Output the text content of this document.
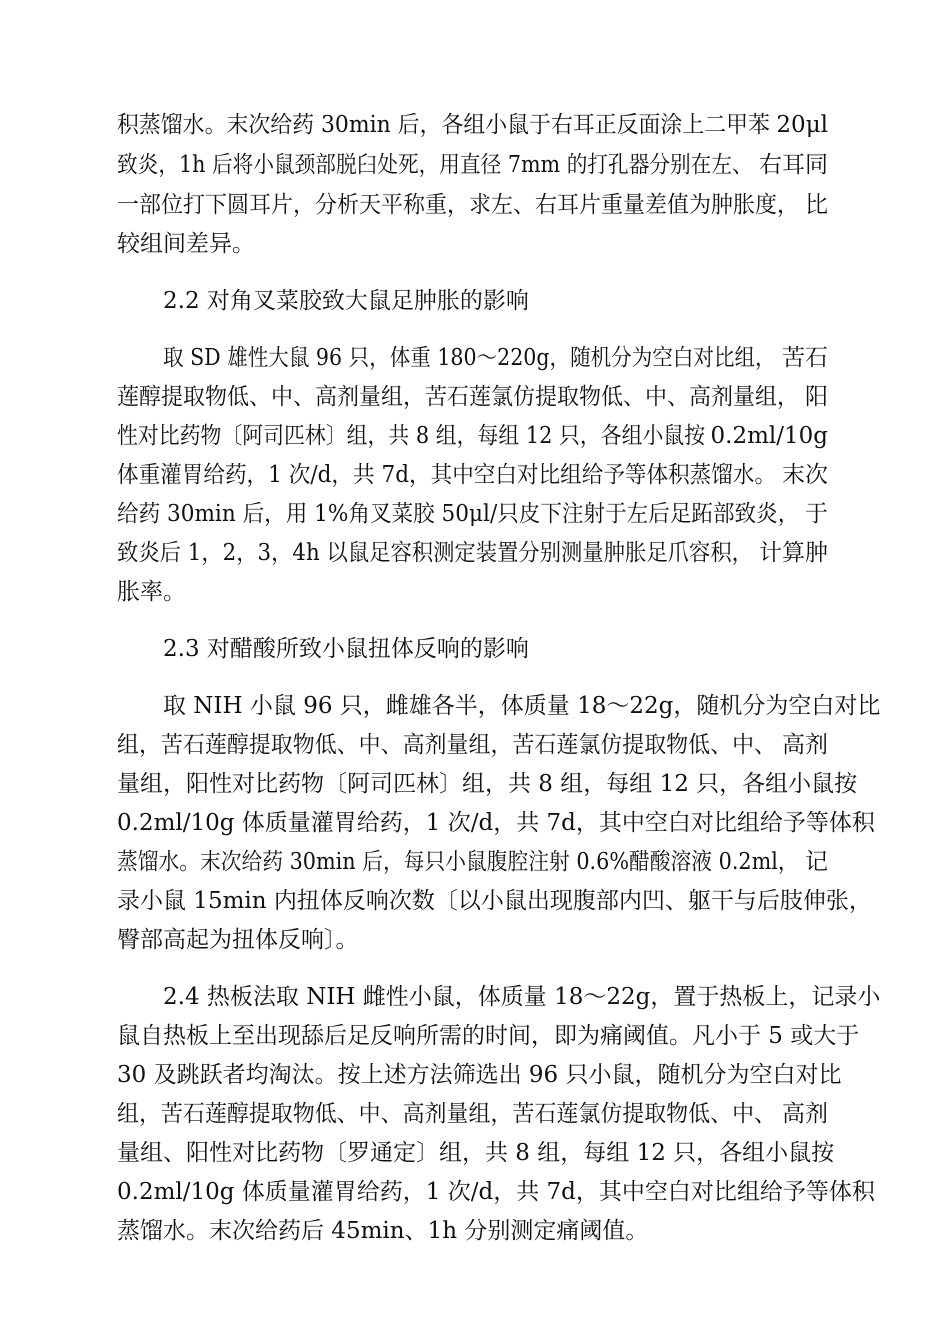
积蒸馏水。末次给药 30min 后，各组小鼠于右耳正反面涂上二甲苯 20μl
致炎，1h 后将小鼠颈部脱臼处死，用直径 7mm 的打孔器分别在左、 右耳同
一部位打下圆耳片，分析天平称重，求左、右耳片重量差值为肿胀度， 比
较组间差异。
2.2 对角叉菜胶致大鼠足肿胀的影响
取 SD 雄性大鼠 96 只，体重 180～220g，随机分为空白对比组， 苦石
莲醇提取物低、中、高剂量组，苦石莲氯仿提取物低、中、高剂量组， 阳
性对比药物〔阿司匹林〕组，共 8 组，每组 12 只，各组小鼠按 0.2ml/10g
体重灌胃给药，1 次/d，共 7d，其中空白对比组给予等体积蒸馏水。 末次
给药 30min 后，用 1%角叉菜胶 50μl/只皮下注射于左后足跖部致炎， 于
致炎后 1，2，3，4h 以鼠足容积测定装置分别测量肿胀足爪容积， 计算肿
胀率。
2.3 对醋酸所致小鼠扭体反响的影响
取 NIH 小鼠 96 只，雌雄各半，体质量 18～22g，随机分为空白对比
组，苦石莲醇提取物低、中、高剂量组，苦石莲氯仿提取物低、中、 高剂
量组，阳性对比药物〔阿司匹林〕组，共 8 组，每组 12 只，各组小鼠按
0.2ml/10g 体质量灌胃给药，1 次/d，共 7d，其中空白对比组给予等体积
蒸馏水。末次给药 30min 后，每只小鼠腹腔注射 0.6%醋酸溶液 0.2ml， 记
录小鼠 15min 内扭体反响次数〔以小鼠出现腹部内凹、躯干与后肢伸张，
臀部高起为扭体反响〕。
2.4 热板法取 NIH 雌性小鼠，体质量 18～22g，置于热板上，记录小
鼠自热板上至出现舔后足反响所需的时间，即为痛阈值。凡小于 5 或大于
30 及跳跃者均淘汰。按上述方法筛选出 96 只小鼠，随机分为空白对比
组，苦石莲醇提取物低、中、高剂量组，苦石莲氯仿提取物低、中、 高剂
量组、阳性对比药物〔罗通定〕组，共 8 组，每组 12 只，各组小鼠按
0.2ml/10g 体质量灌胃给药，1 次/d，共 7d，其中空白对比组给予等体积
蒸馏水。末次给药后 45min、1h 分别测定痛阈值。
